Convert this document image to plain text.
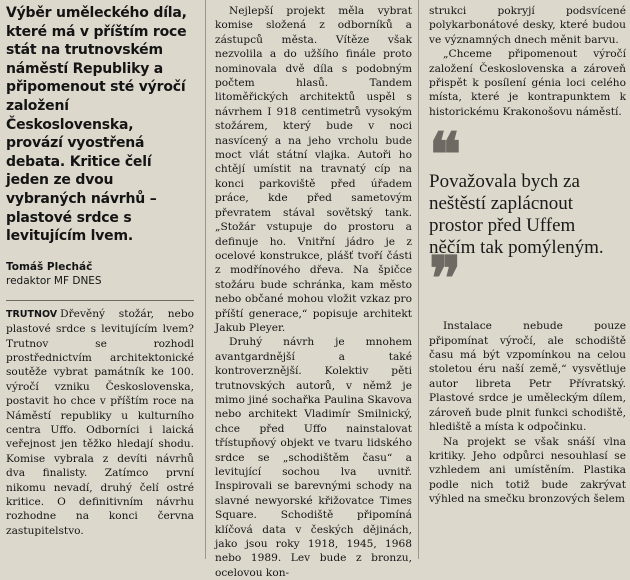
Výběr uměleckého díla, které má v příštím roce stát na trutnovském náměstí Republiky a připomenout sté výročí založení Československa, provází vyostřená debata. Kritice čelí jeden ze dvou vybraných návrhů – plastové srdce s levitujícím lvem.

Tomáš Plecháč
redaktor MF DNES

TRUTNOV Dřevěný stožár, nebo plastové srdce s levitujícím lvem? Trutnov se rozhodl prostřednictvím architektonické soutěže vybrat památník ke 100. výročí vzniku Československa, postavit ho chce v příštím roce na Náměstí republiky u kulturního centra Uffo. Odborníci i laická veřejnost jen těžko hledají shodu. Komise vybrala z devíti návrhů dva finalisty. Zatímco první nikomu nevadí, druhý čelí ostré kritice. O definitivním návrhu rozhodne na konci června zastupitelstvo.

Nejlepší projekt měla vybrat komise složená z odborníků a zástupců města. Vítěze však nezvolila a do užšího finále proto nominovala dvě díla s podobným počtem hlasů. Tandem litoměřických architektů uspěl s návrhem I 918 centimetrů vysokým stožárem, který bude v noci nasvícený a na jeho vrcholu bude moct vlát státní vlajka. Autoři ho chtějí umístit na travnatý cíp na konci parkoviště před úřadem práce, kde před sametovým převratem stával sovětský tank. „Stožár vstupuje do prostoru a definuje ho. Vnitřní jádro je z ocelové konstrukce, plášť tvoří části z modřínového dřeva. Na špičce stožáru bude schránka, kam město nebo občané mohou vložit vzkaz pro příští generace,“ popisuje architekt Jakub Pleyer.

Druhý návrh je mnohem avantgardnější a také kontroverznější. Kolektiv pěti trutnovských autorů, v němž je mimo jiné sochařka Paulina Skavova nebo architekt Vladimír Smilnický, chce před Uffo nainstalovat třístupňový objekt ve tvaru lidského srdce se „schodištěm času“ a levitující sochou lva uvnitř. Inspirovali se barevnými schody na slavné newyorské křižovatce Times Square. Schodiště připomíná klíčová data v českých dějinách, jako jsou roky 1918, 1945, 1968 nebo 1989. Lev bude z bronzu, ocelovou kon-

strukci pokryjí podsvícené polykarbonátové desky, které budou ve významných dnech měnit barvu.

„Chceme připomenout výročí založení Československa a zároveň přispět k posílení génia loci celého místa, které je kontrapunktem k historickému Krakonošovu náměstí.

❝
Považovala bych za neštěstí zaplácnout prostor před Uffem něčím tak pomýleným.
❞

Instalace nebude pouze připomínat výročí, ale schodiště času má být vzpomínkou na celou stoletou éru naší země,“ vysvětluje autor libreta Petr Přívratský. Plastové srdce je uměleckým dílem, zároveň bude plnit funkci schodiště, hlediště a místa k odpočinku.

Na projekt se však snáší vlna kritiky. Jeho odpůrci nesouhlasí se vzhledem ani umístěním. Plastika podle nich totiž bude zakrývat výhled na smečku bronzových šelem
